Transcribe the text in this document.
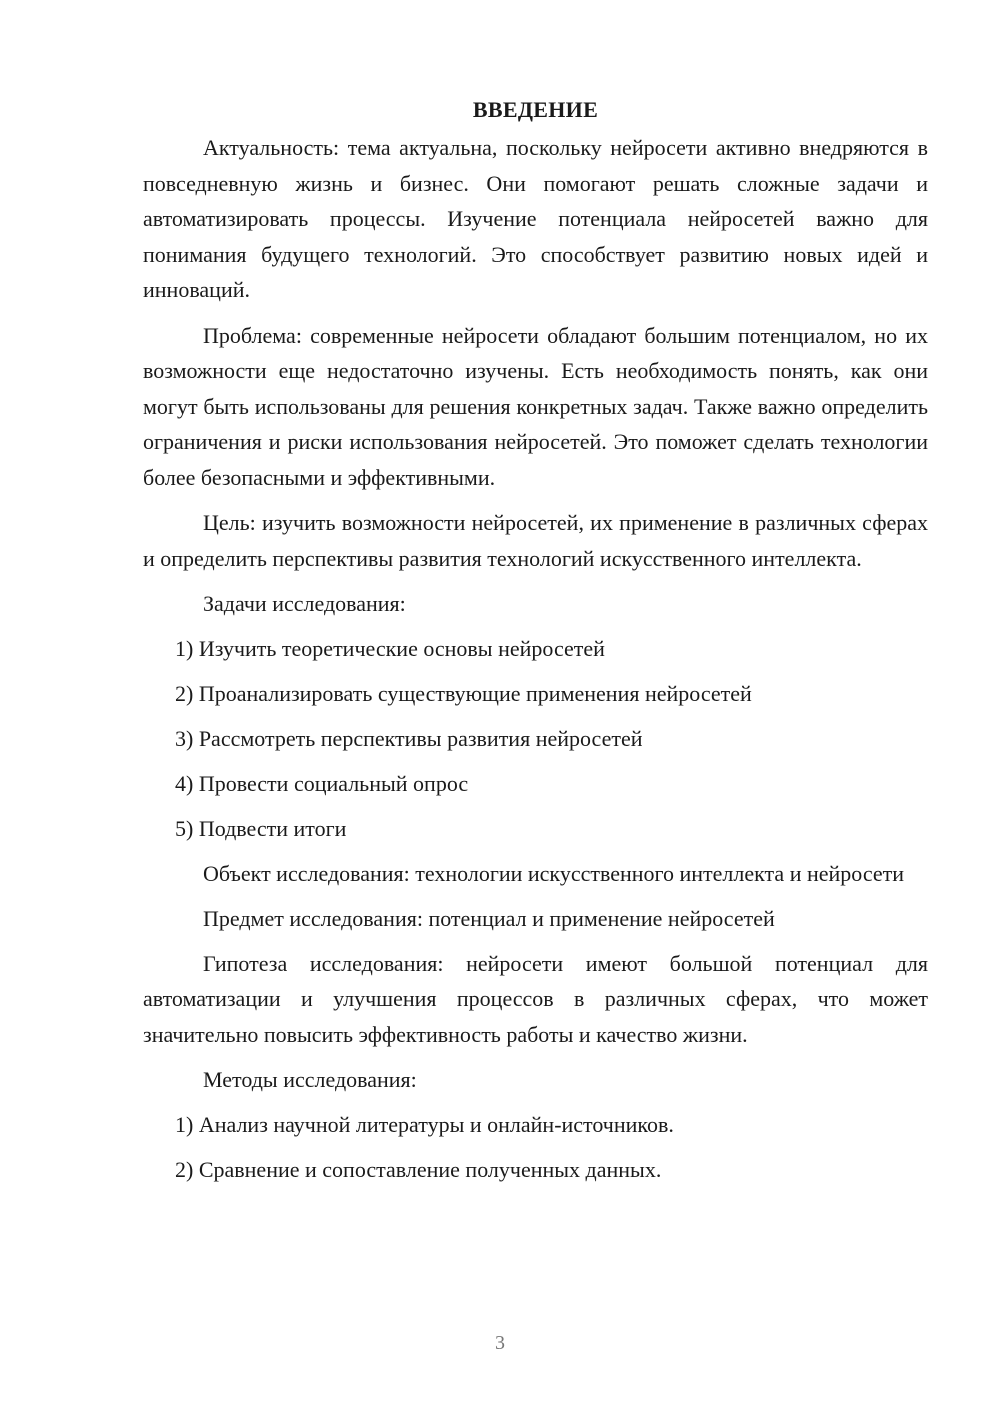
ВВЕДЕНИЕ

Актуальность: тема актуальна, поскольку нейросети активно внедряются в повседневную жизнь и бизнес. Они помогают решать сложные задачи и автоматизировать процессы. Изучение потенциала нейросетей важно для понимания будущего технологий. Это способствует развитию новых идей и инноваций.

Проблема: современные нейросети обладают большим потенциалом, но их возможности еще недостаточно изучены. Есть необходимость понять, как они могут быть использованы для решения конкретных задач. Также важно определить ограничения и риски использования нейросетей. Это поможет сделать технологии более безопасными и эффективными.

Цель: изучить возможности нейросетей, их применение в различных сферах и определить перспективы развития технологий искусственного интеллекта.

Задачи исследования:

1) Изучить теоретические основы нейросетей
2) Проанализировать существующие применения нейросетей
3) Рассмотреть перспективы развития нейросетей
4) Провести социальный опрос
5) Подвести итоги

Объект исследования: технологии искусственного интеллекта и нейросети

Предмет исследования: потенциал и применение нейросетей

Гипотеза исследования: нейросети имеют большой потенциал для автоматизации и улучшения процессов в различных сферах, что может значительно повысить эффективность работы и качество жизни.

Методы исследования:

1) Анализ научной литературы и онлайн-источников.
2) Сравнение и сопоставление полученных данных.
3
